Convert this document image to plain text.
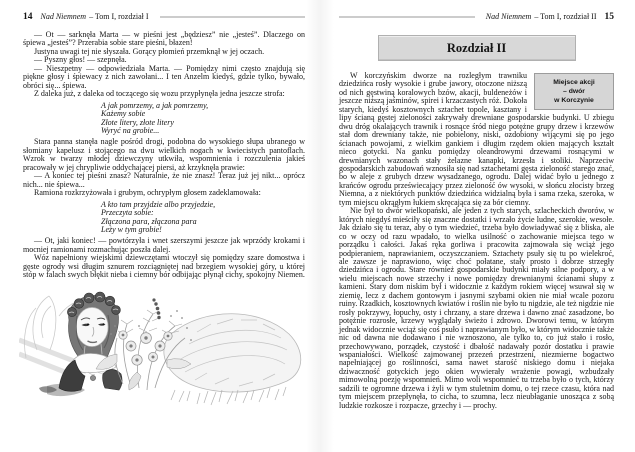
14 Nad Niemnem – Tom I, rozdział I

— Ot — sarknęła Marta — w pieśni jest „będziesz” nie „jesteś”. Dlaczego on śpiewa „jesteś”? Przerabia sobie stare pieśni, błazen!

Justyna uwagi tej nie słyszała. Gorący płomień przemknął w jej oczach.

— Pyszny głos! — szepnęła.

— Nieszpetny — odpowiedziała Marta. — Pomiędzy nimi często znajdują się piękne głosy i śpiewacy z nich zawołani... I ten Anzelm kiedyś, gdzie tylko, bywało, obróci się... śpiewa.

Z daleka już, z daleka od toczącego się wozu przypłynęła jedna jeszcze strofa:

A jak pomrzemy, a jak pomrzemy,
Każemy sobie
Złote litery, złote litery
Wyryć na grobie...

Stara panna stanęła nagle pośród drogi, podobna do wysokiego słupa ubranego w słomiany kapelusz i stojącego na dwu wielkich nogach w kwiecistych pantoflach. Wzrok w twarzy młodej dziewczyny utkwiła, wspomnienia i rozczulenia jakieś pracowały w jej chrypliwie oddychającej piersi, aż krzyknęła prawie:

— A koniec tej pieśni znasz? Naturalnie, że nie znasz! Teraz już jej nikt... oprócz nich... nie śpiewa...

Ramiona rozkrzyżowała i grubym, ochrypłym głosem zadeklamowała:

A kto tam przyjdzie albo przyjedzie,
Przeczyta sobie:
Złączona para, złączona para
Leży w tym grobie!

— Ot, jaki koniec! — powtórzyła i wnet szerszymi jeszcze jak wprzódy krokami i mocniej ramionami rozmachując poszła dalej.

Wóz napełniony wiejskimi dziewczętami wtoczył się pomiędzy szare domostwa i gęste ogrody wsi długim sznurem rozciągniętej nad brzegiem wysokiej góry, u której stóp w falach swych błękit nieba i ciemny bór odbijając płynął cichy, spokojny Niemen.

Nad Niemnem – Tom I, rozdział II 15
Rozdział II
Miejsce akcji
– dwór
w Korczynie

W korczyńskim dworze na rozległym trawniku dziedzińca rosły wysokie i grube jawory, otoczone niższą od nich gęstwiną koralowych bzów, akacji, buldeneżów i jeszcze niższą jaśminów, spirei i krzaczastych róż. Dokoła starych, kiedyś kosztownych sztachet topole, kasztany i lipy ścianą gęstej zieloności zakrywały drewniane gospodarskie budynki. U zbiegu dwu dróg okalających trawnik i rosnące śród niego potężne grupy drzew i krzewów stał dom drewniany także, nie pobielony, niski, ozdobiony wijącymi się po jego ścianach powojami, z wielkim gankiem i długim rzędem okien mających kształt nieco gotycki. Na ganku pomiędzy oleandrowymi drzewami rosnącymi w drewnianych wazonach stały żelazne kanapki, krzesła i stoliki. Naprzeciw gospodarskich zabudowań wznosiła się nad sztachetami gęsta zieloność starego znać, bo w aleje z grubych drzew wysadzanego, ogrodu. Dalej widać było u jednego z krańców ogrodu przeświecający przez zieloność ów wysoki, w słońcu złocisty brzeg Niemna, a z niektórych punktów dziedzińca widzialną była i sama rzeka, szeroka, w tym miejscu okrągłym łukiem skręcająca się za bór ciemny.

Nie był to dwór wielkopański, ale jeden z tych starych, szlacheckich dworów, w których niegdyś mieściły się znaczne dostatki i wrzało życie ludne, szerokie, wesołe. Jak działo się tu teraz, aby o tym wiedzieć, trzeba było dowiadywać się z bliska, ale co w oczy od razu wpadało, to wielka usilność o zachowanie miejsca tego w porządku i całości. Jakaś ręka gorliwa i pracowita zajmowała się wciąż jego podpieraniem, naprawianiem, oczyszczaniem. Sztachety psuły się tu po wielekroć, ale zawsze je naprawiono, więc choć połatane, stały prosto i dobrze strzegły dziedzińca i ogrodu. Stare również gospodarskie budynki miały silne podpory, a w wielu miejscach nowe strzechy i nowe pomiędzy drewnianymi ścianami słupy z kamieni. Stary dom niskim był i widocznie z każdym rokiem więcej wsuwał się w ziemię, lecz z dachem gontowym i jasnymi szybami okien nie miał wcale pozoru ruiny. Rzadkich, kosztownych kwiatów i roślin nie było tu nigdzie, ale też nigdzie nie rosły pokrzywy, łopuchy, osty i chrzany, a stare drzewa i dawno znać zasadzone, bo potężnie rozrosłe, krzewy wyglądały świeżo i zdrowo. Dworowi temu, w którym jednak widocznie wciąż się coś psuło i naprawianym było, w którym widocznie także nic od dawna nie dodawano i nie wznoszono, ale tylko to, co już stało i rosło, przechowywano, porządek, czystość i dbałość nadawały pozór dostatku i prawie wspaniałości. Wielkość zajmowanej przezeń przestrzeni, niezmierne bogactwo napełniającej go roślinności, sama nawet starość niskiego domu i niejaka dziwaczność gotyckich jego okien wywierały wrażenie powagi, wzbudzały mimowolną poezję wspomnień. Mimo woli wspomnieć tu trzeba było o tych, którzy sadzili te ogromne drzewa i żyli w tym stuletnim domu, o tej rzece czasu, która nad tym miejscem przepłynęła, to cicha, to szumna, lecz nieubłaganie unosząca z sobą ludzkie rozkosze i rozpacze, grzechy i — prochy.
